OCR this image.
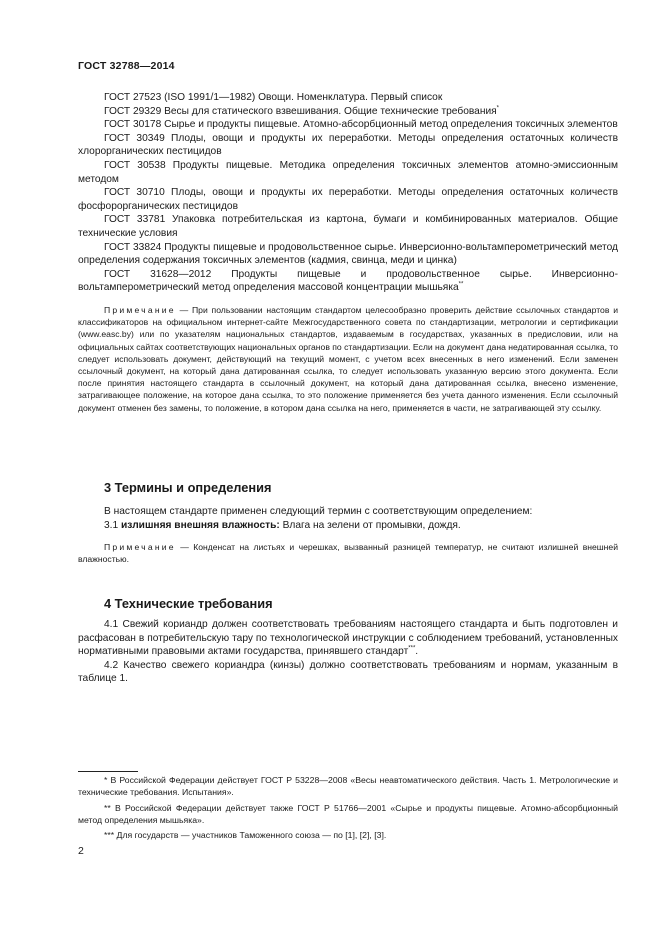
ГОСТ 32788—2014

ГОСТ 27523 (ISO 1991/1—1982) Овощи. Номенклатура. Первый список

ГОСТ 29329 Весы для статического взвешивания. Общие технические требования*

ГОСТ 30178 Сырье и продукты пищевые. Атомно-абсорбционный метод определения токсичных элементов

ГОСТ 30349 Плоды, овощи и продукты их переработки. Методы определения остаточных количеств хлорорганических пестицидов

ГОСТ 30538 Продукты пищевые. Методика определения токсичных элементов атомно-эмиссионным методом

ГОСТ 30710 Плоды, овощи и продукты их переработки. Методы определения остаточных количеств фосфорорганических пестицидов

ГОСТ 33781 Упаковка потребительская из картона, бумаги и комбинированных материалов. Общие технические условия

ГОСТ 33824 Продукты пищевые и продовольственное сырье. Инверсионно-вольтамперометрический метод определения содержания токсичных элементов (кадмия, свинца, меди и цинка)

ГОСТ 31628—2012 Продукты пищевые и продовольственное сырье. Инверсионно-вольтамперометрический метод определения массовой концентрации мышьяка**

Примечание — При пользовании настоящим стандартом целесообразно проверить действие ссылочных стандартов и классификаторов на официальном интернет-сайте Межгосударственного совета по стандартизации, метрологии и сертификации (www.easc.by) или по указателям национальных стандартов, издаваемым в государствах, указанных в предисловии, или на официальных сайтах соответствующих национальных органов по стандартизации. Если на документ дана недатированная ссылка, то следует использовать документ, действующий на текущий момент, с учетом всех внесенных в него изменений. Если заменен ссылочный документ, на который дана датированная ссылка, то следует использовать указанную версию этого документа. Если после принятия настоящего стандарта в ссылочный документ, на который дана датированная ссылка, внесено изменение, затрагивающее положение, на которое дана ссылка, то это положение применяется без учета данного изменения. Если ссылочный документ отменен без замены, то положение, в котором дана ссылка на него, применяется в части, не затрагивающей эту ссылку.

3 Термины и определения

В настоящем стандарте применен следующий термин с соответствующим определением:

3.1 излишняя внешняя влажность: Влага на зелени от промывки, дождя.

Примечание — Конденсат на листьях и черешках, вызванный разницей температур, не считают излишней внешней влажностью.

4 Технические требования

4.1 Свежий кориандр должен соответствовать требованиям настоящего стандарта и быть подготовлен и расфасован в потребительскую тару по технологической инструкции с соблюдением требований, установленных нормативными правовыми актами государства, принявшего стандарт***.

4.2 Качество свежего кориандра (кинзы) должно соответствовать требованиям и нормам, указанным в таблице 1.

* В Российской Федерации действует ГОСТ Р 53228—2008 «Весы неавтоматического действия. Часть 1. Метрологические и технические требования. Испытания».

** В Российской Федерации действует также ГОСТ Р 51766—2001 «Сырье и продукты пищевые. Атомно-абсорбционный метод определения мышьяка».

*** Для государств — участников Таможенного союза — по [1], [2], [3].

2
